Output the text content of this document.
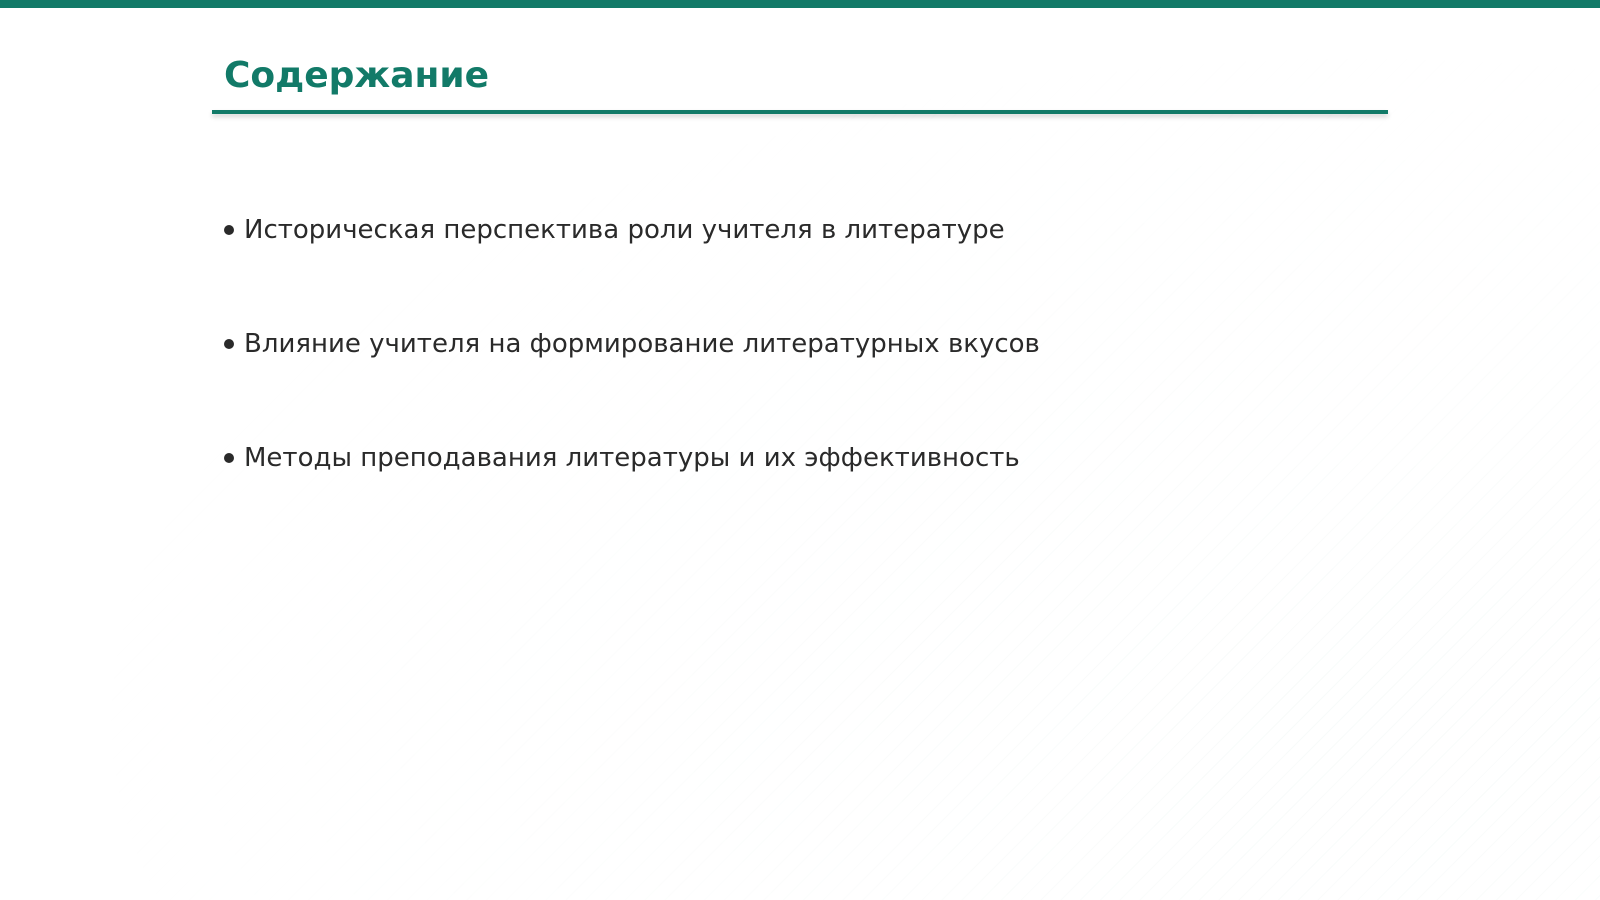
Содержание
Историческая перспектива роли учителя в литературе
Влияние учителя на формирование литературных вкусов
Методы преподавания литературы и их эффективность
